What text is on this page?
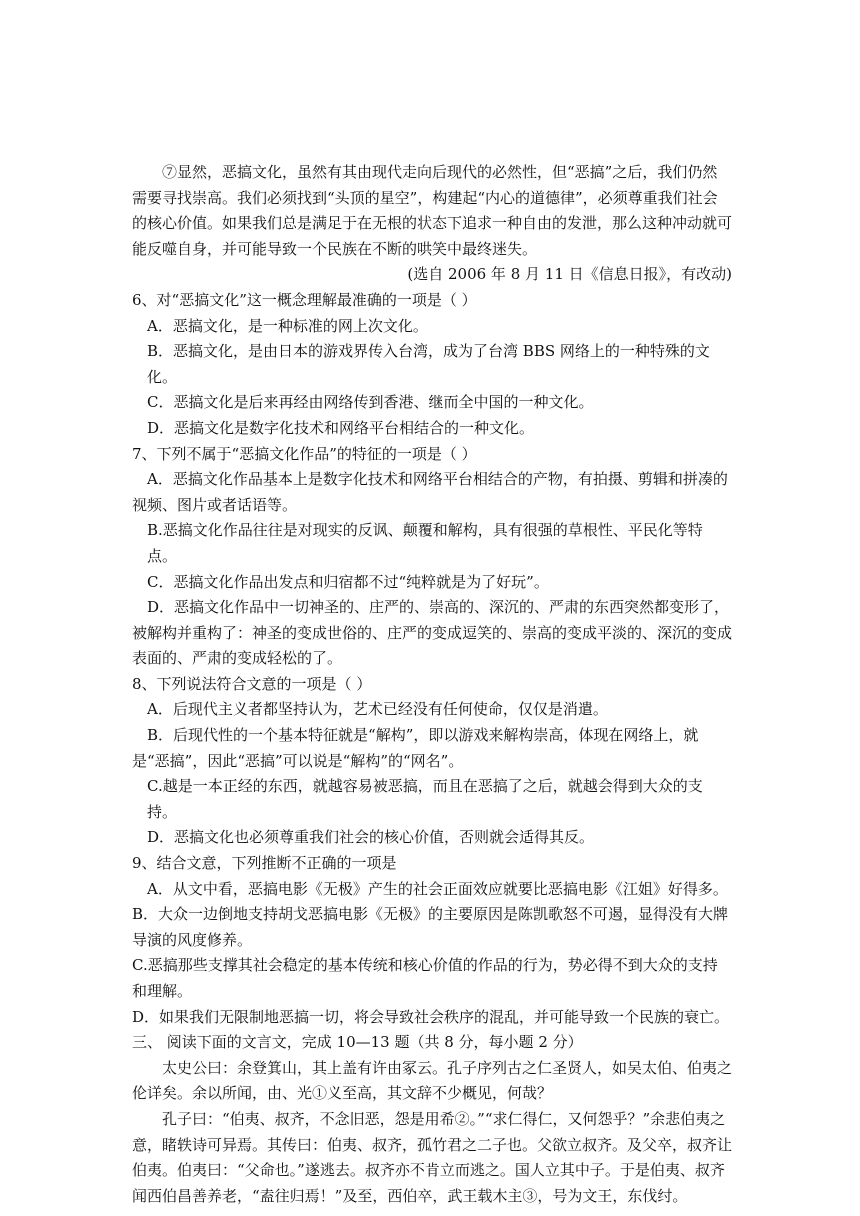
⑦显然，恶搞文化，虽然有其由现代走向后现代的必然性，但“恶搞”之后，我们仍然需要寻找崇高。我们必须找到“头顶的星空”，构建起“内心的道德律”，必须尊重我们社会的核心价值。如果我们总是满足于在无根的状态下追求一种自由的发泄，那么这种冲动就可能反噬自身，并可能导致一个民族在不断的哄笑中最终迷失。

(选自 2006 年 8 月 11 日《信息日报》，有改动)

6、对“恶搞文化”这一概念理解最准确的一项是（ ）

A．恶搞文化，是一种标准的网上次文化。

B．恶搞文化，是由日本的游戏界传入台湾，成为了台湾 BBS 网络上的一种特殊的文化。

C．恶搞文化是后来再经由网络传到香港、继而全中国的一种文化。

D．恶搞文化是数字化技术和网络平台相结合的一种文化。

7、下列不属于“恶搞文化作品”的特征的一项是（ ）

A．恶搞文化作品基本上是数字化技术和网络平台相结合的产物，有拍摄、剪辑和拼凑的视频、图片或者话语等。

B.恶搞文化作品往往是对现实的反讽、颠覆和解构，具有很强的草根性、平民化等特点。

C．恶搞文化作品出发点和归宿都不过“纯粹就是为了好玩”。

D．恶搞文化作品中一切神圣的、庄严的、崇高的、深沉的、严肃的东西突然都变形了，被解构并重构了：神圣的变成世俗的、庄严的变成逗笑的、崇高的变成平淡的、深沉的变成表面的、严肃的变成轻松的了。

8、下列说法符合文意的一项是（ ）

A．后现代主义者都坚持认为，艺术已经没有任何使命，仅仅是消遣。

B．后现代性的一个基本特征就是“解构”，即以游戏来解构崇高，体现在网络上，就是“恶搞”，因此“恶搞”可以说是“解构”的“网名”。

C.越是一本正经的东西，就越容易被恶搞，而且在恶搞了之后，就越会得到大众的支持。

D．恶搞文化也必须尊重我们社会的核心价值，否则就会适得其反。

9、结合文意，下列推断不正确的一项是

A．从文中看，恶搞电影《无极》产生的社会正面效应就要比恶搞电影《江姐》好得多。

B．大众一边倒地支持胡戈恶搞电影《无极》的主要原因是陈凯歌怒不可遏，显得没有大牌导演的风度修养。

C.恶搞那些支撑其社会稳定的基本传统和核心价值的作品的行为，势必得不到大众的支持和理解。

D．如果我们无限制地恶搞一切，将会导致社会秩序的混乱，并可能导致一个民族的衰亡。

三、 阅读下面的文言文，完成 10—13 题（共 8 分，每小题 2 分）

太史公曰：余登箕山，其上盖有许由冢云。孔子序列古之仁圣贤人，如吴太伯、伯夷之伦详矣。余以所闻，由、光①义至高，其文辞不少概见，何哉？

孔子曰：“伯夷、叔齐，不念旧恶，怨是用希②。”“求仁得仁，又何怨乎？”余悲伯夷之意，睹轶诗可异焉。其传曰：伯夷、叔齐，孤竹君之二子也。父欲立叔齐。及父卒，叔齐让伯夷。伯夷曰：“父命也。”遂逃去。叔齐亦不肯立而逃之。国人立其中子。于是伯夷、叔齐闻西伯昌善养老，“盍往归焉！”及至，西伯卒，武王载木主③，号为文王，东伐纣。
